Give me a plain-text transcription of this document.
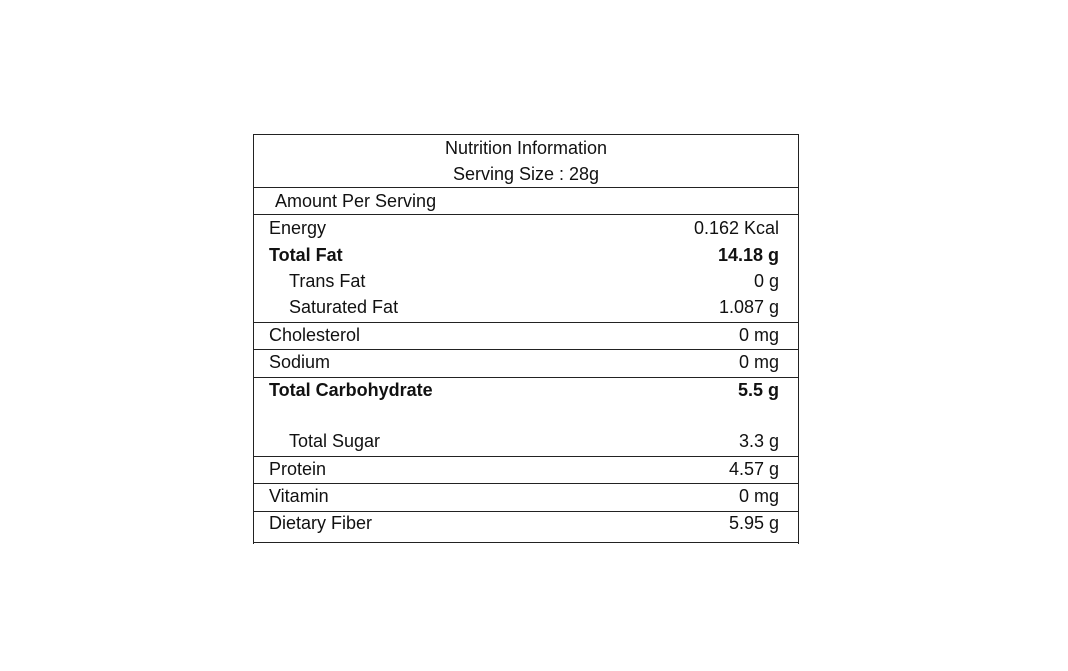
Nutrition Information
Serving Size : 28g
Amount Per Serving
Energy	0.162 Kcal
Total Fat	14.18 g
Trans Fat	0 g
Saturated Fat	1.087 g
Cholesterol	0 mg
Sodium	0 mg
Total Carbohydrate	5.5 g
Total Sugar	3.3 g
Protein	4.57 g
Vitamin	0 mg
Dietary Fiber	5.95 g
